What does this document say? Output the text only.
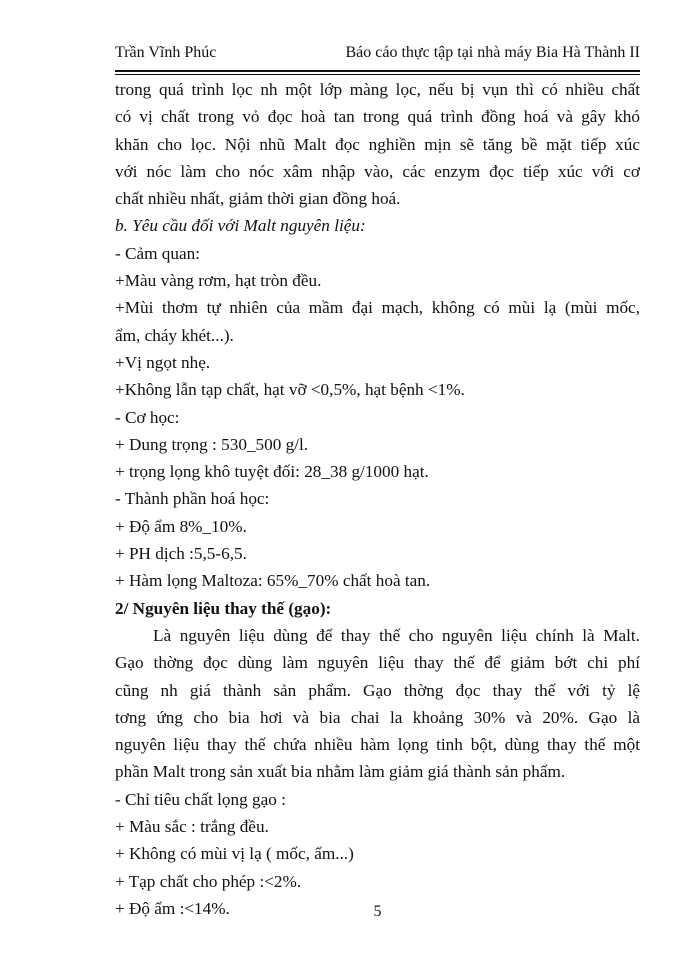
Trần Vĩnh Phúc	Báo cáo thực tập tại nhà máy Bia Hà Thành II
trong quá trình lọc nh một lớp màng lọc, nếu bị vụn thì có nhiều chất
có vị chất trong vỏ đọc hoà tan trong quá trình đồng hoá và gây khó
khăn cho lọc. Nội nhũ Malt đọc nghiền mịn sẽ tăng bề mặt tiếp xúc
với nóc làm cho nóc xâm nhập vào, các enzym đọc tiếp xúc với cơ
chất nhiều nhất, giảm thời gian đồng hoá.
b. Yêu cầu đối với Malt nguyên liệu:
- Cảm quan:
+Màu vàng rơm, hạt tròn đều.
+Mùi thơm tự nhiên của mầm đại mạch, không có mùi lạ (mùi mốc,
ẩm, cháy khét...).
+Vị ngọt nhẹ.
+Không lẫn tạp chất, hạt vỡ <0,5%, hạt bệnh <1%.
- Cơ học:
+ Dung trọng : 530_500 g/l.
+ trọng lọng khô tuyệt đối: 28_38 g/1000 hạt.
- Thành phần hoá học:
+ Độ ẩm 8%_10%.
+ PH dịch :5,5-6,5.
+ Hàm lọng Maltoza: 65%_70% chất hoà tan.
2/ Nguyên liệu thay thế (gạo):
Là nguyên liệu dùng để thay thế cho nguyên liệu chính là Malt.
Gạo thờng đọc dùng làm nguyên liệu thay thế để giảm bớt chi phí
cũng nh giá thành sản phẩm. Gạo thờng đọc thay thế với tỷ lệ
tơng ứng cho bia hơi và bia chai la khoảng 30% và 20%. Gạo là
nguyên liệu thay thế chứa nhiều hàm lọng tinh bột, dùng thay thế một
phần Malt trong sản xuất bia nhằm làm giảm giá thành sản phẩm.
- Chỉ tiêu chất lọng gạo :
+ Màu sắc : trắng đều.
+ Không có mùi vị lạ ( mốc, ẩm...)
+ Tạp chất cho phép :<2%.
+ Độ ẩm :<14%.	5
